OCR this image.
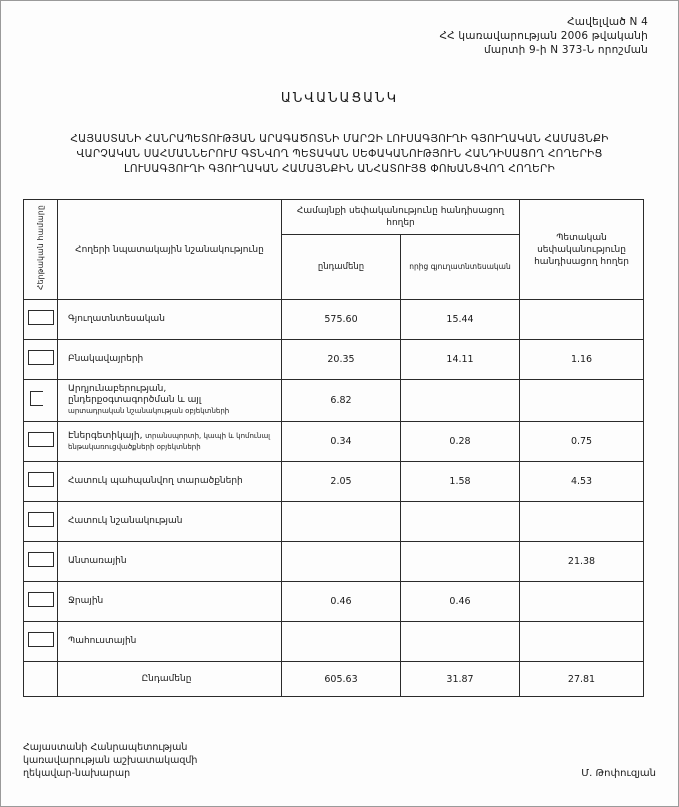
Հավելված N 4
ՀՀ կառավարության 2006 թվականի
մարտի 9-ի N 373-Ն որոշման
ԱՆՎԱՆԱՑԱՆԿ
ՀԱՅԱՍՏԱՆԻ ՀԱՆՐԱՊԵՏՈՒԹՅԱՆ ԱՐԱԳԱԾՈՏՆԻ ՄԱՐԶԻ ԼՈՒՍԱԳՅՈՒՂԻ ԳՅՈՒՂԱԿԱՆ ՀԱՄԱՅՆՔԻ
ՎԱՐՉԱԿԱՆ ՍԱՀՄԱՆՆԵՐՈՒՄ ԳՏՆՎՈՂ ՊԵՏԱԿԱՆ ՍԵՓԱԿԱՆՈՒԹՅՈՒՆ ՀԱՆԴԻՍԱՑՈՂ ՀՈՂԵՐԻՑ
ԼՈՒՍԱԳՅՈՒՂԻ ԳՅՈՒՂԱԿԱՆ ՀԱՄԱՅՆՔԻՆ ԱՆՀԱՏՈՒՅՑ ՓՈԽԱՆՑՎՈՂ ՀՈՂԵՐԻ
Հերթական համարը	Հողերի նպատակային նշանակությունը	Համայնքի սեփականությունը հանդիսացող հողեր		Պետական սեփականությունը հանդիսացող հողեր
		ընդամենը	որից գյուղատնտեսական	
	Գյուղատնտեսական	575.60	15.44	
	Բնակավայրերի	20.35	14.11	1.16
	Արդյունաբերության, ընդերքօգտագործման և այլ
արտադրական նշանակության օբյեկտների	6.82		
	Էներգետիկայի, տրանսպորտի, կապի և կոմունալ ենթակառուցվածքների օբյեկտների	0.34	0.28	0.75
	Հատուկ պահպանվող տարածքների	2.05	1.58	4.53
	Հատուկ նշանակության			
	Անտառային			21.38
	Ջրային	0.46	0.46	
	Պահուստային			
	Ընդամենը	605.63	31.87	27.81
Հայաստանի Հանրապետության
կառավարության աշխատակազմի
ղեկավար-նախարար	Մ. Թոփուզյան
